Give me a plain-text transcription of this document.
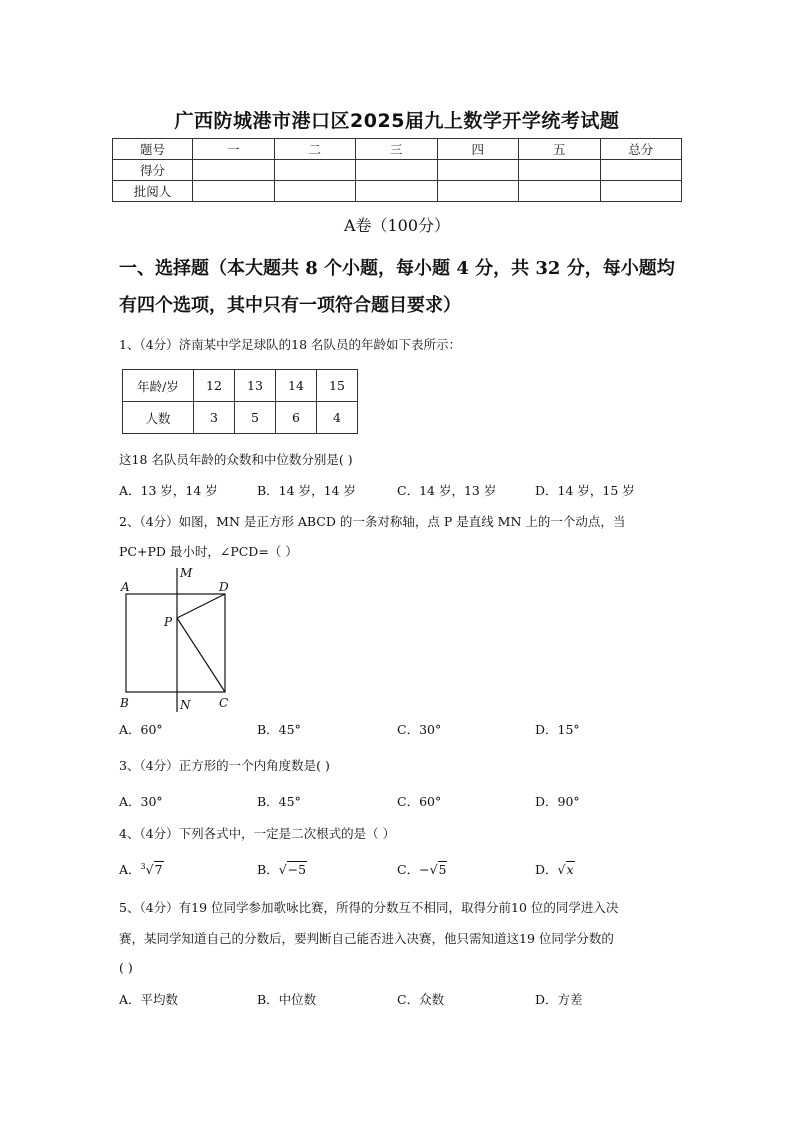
广西防城港市港口区2025届九上数学开学统考试题
题号	一	二	三	四	五	总分
得分						
批阅人						
A卷（100分）
一、选择题（本大题共 8 个小题，每小题 4 分，共 32 分，每小题均
有四个选项，其中只有一项符合题目要求）
1、（4分）济南某中学足球队的18 名队员的年龄如下表所示：
年龄/岁	12	13	14	15
人数	3	5	6	4
这18 名队员年龄的众数和中位数分别是( )
A．13 岁，14 岁	B．14 岁，14 岁	C．14 岁，13 岁	D．14 岁，15 岁
2、（4分）如图，MN 是正方形 ABCD 的一条对称轴，点 P 是直线 MN 上的一个动点，当
PC+PD 最小时，∠PCD=（ ）
A	D
M
P
B	C
N
A．60°	B．45°	C．30°	D．15°
3、（4分）正方形的一个内角度数是( )
A．30°	B．45°	C．60°	D．90°
4、（4分）下列各式中，一定是二次根式的是（ ）
A．$^3$√7	B．√−5	C．−√5	D．√x
5、（4分）有19 位同学参加歌咏比赛，所得的分数互不相同，取得分前10 位的同学进入决
赛，某同学知道自己的分数后，要判断自己能否进入决赛，他只需知道这19 位同学分数的
( )
A．平均数	B．中位数	C．众数	D．方差
